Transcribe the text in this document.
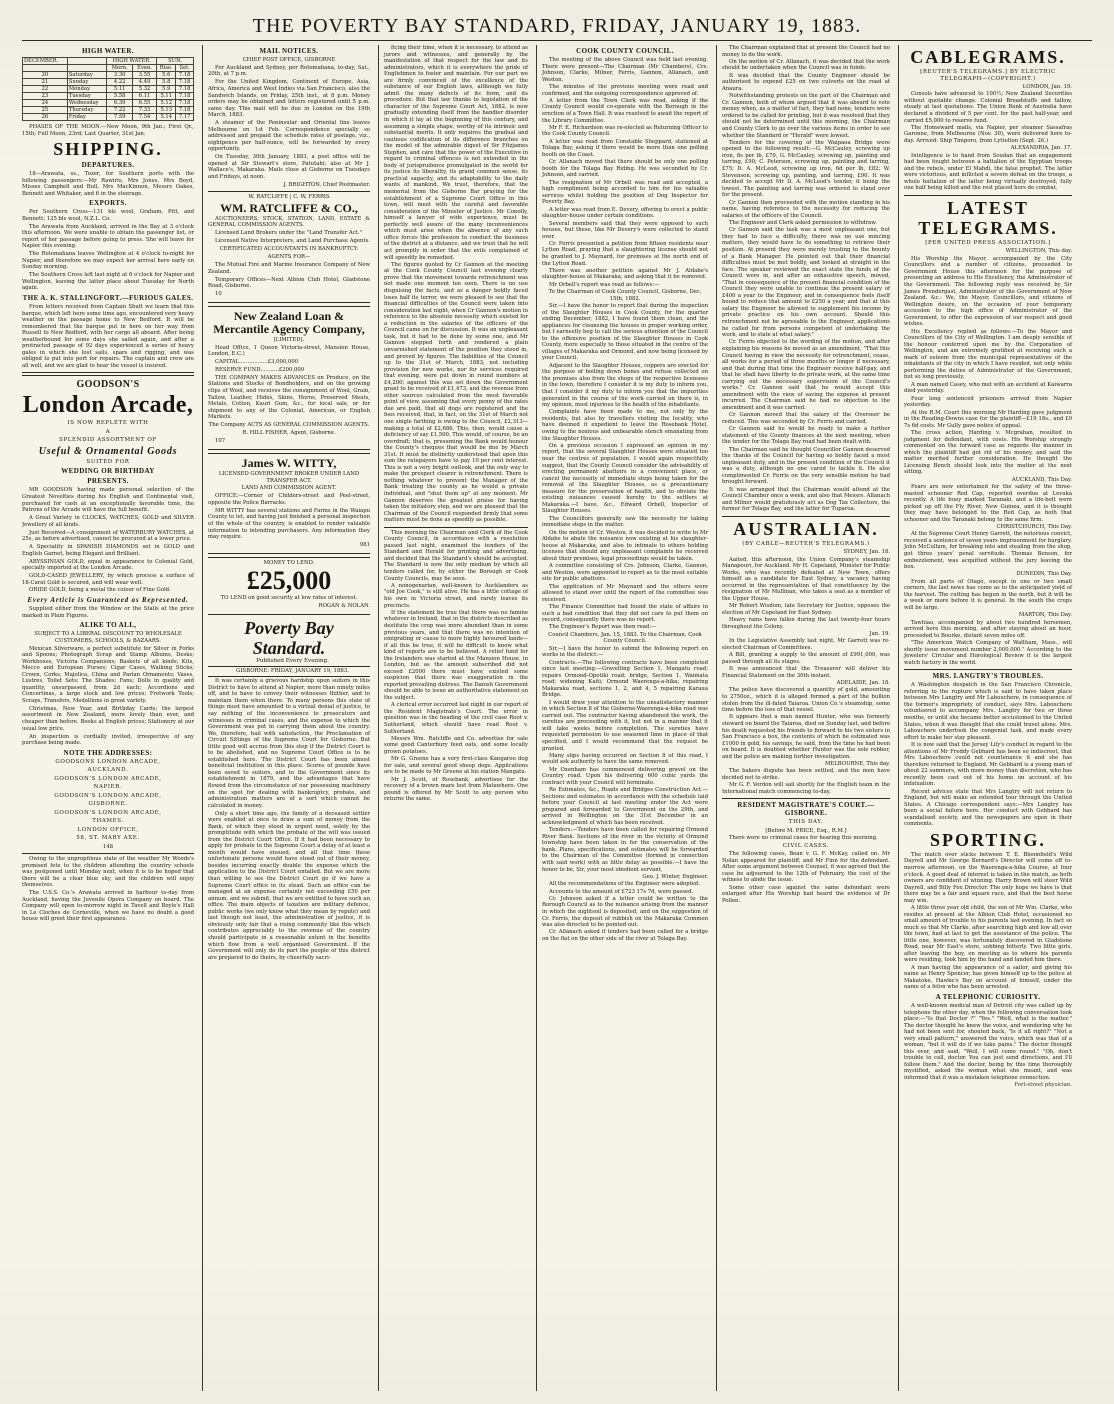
THE POVERTY BAY STANDARD, FRIDAY, JANUARY 19, 1883.
HIGH WATER.
DECEMBER.		HIGH WATER.		SUN.	
		Morn.	Even.	Rise.	Set.
20	Saturday	3.30	3.55	5.6	7.18
21	Sunday	4.22	4.49	5.8	7.18
22	Monday	5.11	5.32	5.9	7.18
23	Tuesday	5.58	6.11	5.11	7.18
24	Wednesday	6.39	6.55	5.12	7.18
25	Thursday	7.22	7.33	5.13	7.18
26	Friday	7.59	7.54	5.14	7.17

PHASES OF THE MOON.—New Moon, 9th Jan.; First Qr., 15th; Full Moon, 23rd; Last Quarter, 31st Jan.

SHIPPING.
DEPARTURES.

18—Arawata, ss., Tozer, for Southern ports with the following passengers:—Mr Rawiris, Mrs Jones, Mrs Boyd, Misses Campbell and Bull, Mrs MacKinnon, Messrs Oakes, Bennett and Whitaker, and 6 in the steerage.

EXPORTS.

Per Southern Cross—131 bls wool, Graham, Pitt, and Bennett; 125 bls wool, N.Z.L. Co.

The Arawata from Auckland, arrived in the Bay at 3 o'clock this afternoon. We were unable to obtain the passenger list, or report of her passage before going to press. She will leave for Napier this evening.

The Rotomahana leaves Wellington at 4 o'clock to-night for Napier, and therefore we may expect her arrival here early on Sunday morning.

The Southern Cross left last night at 6 o'clock for Napier and Wellington, leaving the latter place about Tuesday for North again.

THE A. K. STALLINGFORT.—FURIOUS GALES.

From letters received from Captain Shutt we learn that this barque, which left here some time ago, encountered very heavy weather on the passage home to New Bedford. It will be remembered that the barque put in here on her way from Russell to New Bedford, with her cargo all aboard. After being weatherbound for some days she sailed again, and after a protracted passage of 92 days experienced a series of heavy gales in which she lost sails, spars and rigging, and was obliged to put into port for repairs. The captain and crew are all well, and we are glad to hear the vessel is insured.

GOODSON'S
London Arcade,
IS NOW REPLETE WITH
A
SPLENDID ASSORTMENT OF
Useful & Ornamental Goods
SUITED FOR
WEDDING OR BIRTHDAY
PRESENTS.

MR GOODSON having made personal selection of the Greatest Novelties during his English and Continental visit, purchased for cash at an exceptionally favorable time, the Patrons of the Arcade will have the full benefit.

A Great Variety in CLOCKS, WATCHES, GOLD and SILVER Jewellery of all kinds.

Just Received—A consignment of WATERBURY WATCHES, at 25s, as before advertised, cannot be procured at a lower price.

A Speciality in SPANISH DIAMONDS set in GOLD and English Garnet, being Elegant and Brilliant.

ABYSSINIAN GOLD, equal in appearance to Colonial Gold, specially imported at the London Arcade.

GOLD-CASED JEWELLERY, by which process a surface of 18-Carat Gold is secured, and will wear well.

ORIDE GOLD, being a metal the colour of Fine Gold.

Every Article is Guaranteed as Represented.

Supplied either from the Window or the Stalls at the price marked in Plain Figures.

ALIKE TO ALL,

SUBJECT TO A LIBERAL DISCOUNT TO WHOLESALE CUSTOMERS, SCHOOLS, & BAZAARS.

Mexican Silverware, a perfect substitute for Silver in Forks and Spoons; Photograph Scrap and Stamp Albums, Desks; Workboxes, Victoria Companions; Baskets of all kinds; Kits, Mecco and European Purses; Cigar Cases, Walking Sticks; Crown, Corks, Majolica, China and Parian Ornaments; Vases, Lustres, Toilet Sets; The Shades; Fans; Dolls in quality and quantity, unsurpassed, from 2d each; Accordions and Concertinas, a large stock and low prices; Fretwork Tools; Scraps, Transfers, Medallions in great variety.

Christmas, New Year, and Birthday Cards; the largest assortment in New Zealand, more lovely than ever, and cheaper than before. Books at English prices; Stationery at our usual low price.

An inspection is cordially invited, irrespective of any purchase being made.

NOTE THE ADDRESSES:
GOODSONS LONDON ARCADE,
AUCKLAND.
GOODSON'S LONDON ARCADE,
NAPIER.
GOODSON'S LONDON ARCADE,
GISBORNE.
GOODSON'S LONDON ARCADE,
THAMES.
LONDON OFFICE,
58, ST. MARY AXE.

148

Owing to the unpropitious state of the weather Mr Woods's promised fete to the children attending the country schools was postponed until Monday next, when it is to be hoped that there will be a clear blue sky, and the children will enjoy themselves.

The U.S.S. Co.'s Arawata arrived in harbour to-day from Auckland, having the Juvenile Opera Company on board. The Company will open to-morrow night in Tavell and Boyle's Hall in Le Cloches de Corneville, when we have no doubt a good house will greet their first appearance.

MAIL NOTICES.

CHIEF POST OFFICE, GISBORNE

For Auckland and Sydney, per Rotomahana, to-day, Sat., 20th, at 7 p.m.

For the United Kingdom, Continent of Europe, Asia, Africa, America and West Indies via San Francisco, also the Sandwich Islands, on Friday, 25th inst., at 8 p.m. Money orders may be obtained and letters registered until 5 p.m. same day. This mail will be due in London on the 19th March, 1883.

A steamer of the Peninsular and Oriental line leaves Melbourne on 1st Feb. Correspondence specially so addressed and prepaid the schedule rates of postage, viz., eightpence per half-ounce, will be forwarded by every opportunity.

On Tuesday, 30th January, 1883, a post office will be opened at Sir Stewart's store, Patutahi; also at Mr J. Wallace's, Makaraka. Mails close at Gisborne on Tuesdays and Fridays, at noon.

J. BRIGHTON, Chief Postmaster.

W. RATCLIFFE | C. W. FERRIS

WM. RATCLIFFE & CO.,

AUCTIONEERS, STOCK, STATION, LAND, ESTATE & GENERAL COMMISSION AGENTS.

Licensed Land Brokers under the "Land Transfer Act."

Licensed Native Interpreters, and Land Purchase Agents.

CERTIFICATED ACCOUNTANTS IN BANKRUPTCY.

AGENTS FOR—

The Mutual Fire and Marine Insurance Company of New Zealand.

Temporary Offices—Next Albion Club Hotel, Gladstone Road, Gisborne.

10

New Zealand Loan & Mercantile Agency Company,

[LIMITED].

Head Office, 1 Queen Victoria-street, Mansion House, London, E.C.)

CAPITAL.................£3,000,000

RESERVE FUND...........£200,000

THE COMPANY MAKES ADVANCES on Produce, on the Stations and Stocks of Bondholders, and on the growing clips of Wool, and receives the consignment of Wool, Grain, Tallow, Leather, Hides, Skins, Horns, Preserved Meats, Metals, Cotton, Kauri Gum, &c., for local sale, or for shipment to any of the Colonial, American, or English Markets.

The Company ACTS AS GENERAL COMMISSION AGENTS.

R. HILL FISHER, Agent, Gisborne.

107

James W. WITTY,

LICENSED GOVERNMENT BROKER UNDER LAND TRANSFER ACT.

LAND AND COMMISSION AGENT.

OFFICE:—Corner of Childers-street and Peel-street, opposite the Police Barracks.

MR WITTY has several stations and Farms in the Waiapu County to let, and having just finished a personal inspection of the whole of the country, is enabled to render valuable information to intending purchasers. Any information they may require.

981

MONEY TO LEND.

£25,000

TO LEND on good security at low rates of interest.

ROGAN & NOLAN.

Poverty Bay Standard.

Published Every Evening.

GISBORNE: FRIDAY, JANUARY 19, 1883.

It was certainly a grievous hardship upon suitors in this District to have to attend at Napier, more than ninety miles off, and to have to convey their witnesses thither, and to maintain them when there. To many persons this state of things must have amounted to a virtual denial of justice, to say nothing of the inconvenience to prosecutors and witnesses in criminal cases, and the expense to which the Government was put in carrying them about the country. We, therefore, hail with satisfaction, the Proclamation of Circuit Sittings of the Supreme Court for Gisborne. But little good will accrue from this step if the District Court is to be abolished, and no Supreme Court Office is to be established here. The District Court has been almost beneficial institution in this place. Scores of pounds have been saved to suitors, and to the Government since its establishment in 1879, and the advantages that have flowed from the circumstance of our possessing machinery on the spot for dealing with bankruptcy, probate, and administration matters are of a sort which cannot be calculated in money.

Only a short time ago, the family of a deceased settler were enabled at once to draw a sum of money from the Bank, of which they stood in urgent need, solely by the promptitude with which the probate of the will was issued from the District Court Office. If it had been necessary to apply for probate to the Supreme Court a delay of at least a month would have ensued, and all that time these unfortunate persons would have stood out of their money, besides incurring exactly double the expense which the application to the District Court entailed. But we are more than willing to see the District Court go if we have a Supreme Court office in its stead. Such an office can be managed at an expense certainly not exceeding £50 per annum, and we submit, that we are entitled to have such an office. The main objects of taxation are military defence, public works (we only know what they mean by repute) and last though not least, the administration of justice, it is obviously only fair that a rising community like this which contributes appreciably to the revenue of the country should participate in a reasonable extent in the benefits which flow from a well organised Government. If the Government will only do its part the people of this district are prepared to do theirs, by cheerfully sacri-

ficing their time, when it is necessary, to attend as jurors and witnesses, and generally by the manifestation of that respect for the law and its administrators, which it is everywhere the pride of Englishmen to foster and maintain. For our part we are firmly convinced of the excellence of the substance of our English laws, although we fully admit the many defects of its form, and its procedure. But that law thanks to legislation of the character of the Supreme Court Act, 1882, is now gradually extending itself from the handier disorder in which it lay at the beginning of this century, and assuming a simple shape, worthy of its intrinsic and substantial merits. It only requires the gradual and cautious codification of its difference branches on the model of the admirable digest of Sir Fitzjames Stephen, and care that the power of the Executive in regard to criminal offences is not extended in the body of jurisprudence promulgated in the world for its justice its liberality, its grand common sense, its practical sagacity, and its adaptability to the daily wants of mankind. We trust, therefore, that the memorial from the Gisborne Bar praying for the establishment of a Supreme Court Office in this town, will meet with the careful and favorable consideration of the Minister of Justice. Mr Conolly, himself a lawyer of wide experience, must be perfectly well aware of the many inconveniences which must arise when the absence of any such office forces the profession to conduct the business of the district at a distance, and we trust that he will act promptly in order that the evils complained of will speedily be remedied.

The figures quoted by Cr Gannon at the meeting at the Cook County Council last evening clearly prove that the movement towards retrenchment was not made one moment too soon. There is no use disguising the facts, and as a danger boldly faced loses half its terror, we were pleased to see that the financial difficulties of the Council were taken into consideration last night, when Cr Gannon's motion in reference to the absolute necessity which existed for a reduction in the salaries of the officers of the Council came on for discussion. It was an unpleasant task, but it had to be done by some one, and Mr Gannon stepped forth and rendered a plain unvarnished statement of the position they stood in, and proved by figures. The liabilities of the Council up to the 31st of March, 1883, not including provision for new works, nor for services required that evening, were put down in round numbers at £4,200; against this was set down the Government grant to be received of £1,473, and the revenue from other sources calculated from the most favorable point of view, assuming that every penny of the rates due are paid, that all dogs are registered and the fees received, that, in fact, on the 31st of March not one single farthing is owing to the Council, £2,313—making a total of £2,686. This, then, would cause a deficiency of say £1,500. This would, of course, be an overdraft; that is, presuming the Bank would honour the County's cheques that would be due by March 31st. It must be distinctly understood that upon this sum the ratepayers have to pay 10 per cent interest. This is not a very bright outlook, and the only way to make the prospect clearer is retrenchment. There is nothing whatever to prevent the Manager of the Bank treating the county as he would a private individual, and "shut them up" at any moment. Mr Gannon deserves the greatest praise for having taken the initiatory step, and we are pleased that the Chairman of the Council responded firmly that some matters must be done as speedily as possible.

This morning the Chairman and Clerk of the Cook County Council, in accordance with a resolution passed last night, examined the tenders of the Standard and Herald for printing and advertising, and decided that the Standard's should be accepted. The Standard is now the only medium by which all tenders called for, by either the Borough or Cook County Councils, may be seen.

A nonogenarian, well-known to Aucklanders as "old Joe Cook," is still alive. He has a little cottage of his own in Victoria street, and rarely leaves its precincts.

If the statement be true that there was no famine whatever in Ireland, that in the districts described as destitute the crop was more abundant than in some previous years, and that there was no intention of emigrating or cause to more highly favoured lands—if all this be true, it will be difficult to know what kind of reports are to be believed. A relief fund for the Irelanders was started at the Mansion House, in London, but as the amount subscribed did not exceed £2000 there must have existed some suspicion that there was exaggeration in the reported prevailing distress. The Danish Government should be able to issue an authoritative statement on the subject.

A clerical error occurred last night in our report of the Resident Magistrate's Court. The error in question was in the heading of the civil case Root v. Sutherland, which should have read Root v. Sutherland.

Messrs Wm. Ratcliffe and Co. advertise for sale some good Canterbury feed oats, and some locally grown potatoes.

Mr G. Greene has a very first-class Kangaroo dog for sale, and several good sheep dogs. Applications are to be made to Mr Greene at his station Mangatu.

Mr J. Scott, of Rosebank, advertises for the recovery of a brown mare lost from Matawhero. One pound is offered by Mr Scott to any person who returns the same.

COOK COUNTY COUNCIL.

The meeting of the above Council was held last evening. There were present—The Chairman (Mr Chambers), Crs. Johnson, Clarke, Milner, Ferris, Gannon, Allanach, and Weston.

The minutes of the previous meeting were read and confirmed, and the outgoing correspondence approved of.

A letter from the Town Clerk was read, asking if the County Council would co-operate with the Borough in the erection of a Town Hall. It was resolved to await the report of the Library Committee.

Mr F. E. Richardson was re-elected as Returning Officer to the Cook County Council.

A letter was read from Constable Sheppard, stationed at Tolaga Bay, asking if there would be more than one polling booth on the Coast.

Cr. Allanach moved that there should be only one polling booth for the Tolaga Bay Riding. He was seconded by Cr. Johnson, and carried.

The resignation of Mr Orbell was read and accepted, a high compliment being accorded to him for his valuable services whilst holding the position of Dog Inspector for Poverty Bay.

A letter was read from E. Devery, offering to erect a public slaughter-house under certain conditions.

Several members said that they were opposed to such houses, but these, like Mr Devery's were collected to stand over.

Cr. Ferris presented a petition from fifteen residents near Lytton Road, praying that a slaughtering license should not be granted to J. Maynard, for premises at the north end of the Lytton Road.

There was another petition against Mr J. Aldabe's slaughter-house at Makaraka, and asking that it be removed.

Mr Orbell's report was read as follows:—

To the Chairman of Cook County Council, Gisborne, Dec. 15th, 1882.

Sir,—I have the honor to report that during the inspection of the Slaughter Houses in Cook County, for the quarter ending December, 1882, I have found them clean, and the appliances for cleansing the houses in proper working order, but I earnestly beg to call the serious attention of the Council to the offensive position of the Slaughter Houses in Cook County, more especially to those situated in the centre of the villages of Makaraka and Ormond, and now being licensed by your Council.

Adjacent to the Slaughter Houses, coppers are erected for the purpose of boiling down bones and refuse collected on the premises also from the shops of the respective licensees in the town, therefore I consider it is my duty to inform you, that I consider it my duty to inform you that the impurities generated in the course of the work carried on there is, in my opinion, most injurious to the health of the inhabitants.

Complaints have been made to me, not only by the residents, but also by travellers visiting the locality, who have deemed it expedient to leave the Rosebank Hotel, owing to the noxious and unbearable stench emanating from the Slaughter Houses.

On a previous occasion I expressed an opinion in my report, that the several Slaughter Houses were situated too near the centres of population. I would again respectfully suggest, that the County Council consider the advisability of erecting permanent abattoirs in a convenient place, or cancel the necessity of immediate steps being taken for the removal of the Slaughter Houses, as a precautionary measure for the preservation of health, and to obviate the existing nuisances caused hereby to the settlers at Makaraka.—I have, &c., Edward Orbell, Inspector of Slaughter Houses.

The Councillors generally saw the necessity for taking immediate steps in the matter.

On the motion of Cr. Weston, it was decided to write to Mr Aldabe to abate the nuisance now existing at his slaughter-house at Makaraka, and also to intimate to others holding licenses that should any unpleasant complaints be received about their premises, legal proceedings would be taken.

A committee consisting of Crs. Johnson, Clarke, Gannon, and Weston, were appointed to report as to the most suitable site for public abattoirs.

The application of Mr Maynard and the others were allowed to stand over until the report of the committee was received.

The Finance Committee had found the state of affairs in such a bad condition that they did not care to put them on record, consequently there was no report.

The Engineer's Report was then read:—

Council Chambers, Jan. 15, 1883. To the Chairman, Cook County Council.

Sir,—I have the honor to submit the following report on works in the district:—

Contracts.—The following contracts have been completed since last meeting:—Gravelling Section 1, Mangatu road; repairs Ormond-Opotiki road; bridge, Section 1, Waimata road; widening Kaiti; Ormond Waerenga-a-hika; repairing Makaraka road, sections 1, 2, and 4, 5 repairing Karaua Bridge.

I would draw your attention to the unsatisfactory manner in which Section 8 of the Gisborne-Waerenga-a-hika road was carried out. The contractor having abandoned the work, the sureties are proceeding with it, but not in a manner that it will take weeks before completion. The sureties have requested permission to use seasoned lime in place of that specified, and I would recommend that the request be granted.

Many slips having occurred on Section 8 of this road, I would ask authority to have the same removed.

Mr Oxenham has commenced delivering gravel on the Country road. Upon his delivering 600 cubic yards the contract with your Council will terminate.

Re Estimates, &c., Roads and Bridges Construction Act.—Sections and estimates in accordance with the schedule laid before your Council at last meeting under the Act were prepared and forwarded to Government on the 29th, and arrived in Wellington on the 31st December in an acknowledgment of which has been received.

Tenders.—Tenders have been called for repairing Ormond River Bank. Sections of the river in the vicinity of Ormond township have been taken in for the conservation of the bank. Plans, specifications, and estimates will be forwarded to the Chairman of the Committee (formed in connection with said work) with as little delay as possible.—I have the honor to be, Sir, your most obedient servant,

Geo. J. Winter, Engineer.

All the recommendations of the Engineer were adopted.

Accounts to the amount of £723 17s 7d, were passed.

Cr. Johnson asked if a letter could be written to the Borough Council as to the nuisance arising from the manner in which the nightsoil is deposited, and on the suggestion of Cr. Ferris, the deposit of rubbish on the Makaraka Common was also directed to be pointed out.

Cr. Allanach asked if tenders had been called for a bridge on the flat on the other side of the river at Tolaga Bay.

The Chairman explained that at present the Council had no money to do the work.

On the motion of Cr. Allanach, it was decided that the work should be undertaken when the Council was in funds.

It was decided that the County Engineer should be authorised to expend £25 on two culverts on the road at Anaura.

Notwithstanding protests on the part of the Chairman and Cr. Gannon, both of whom argued that it was absurd to vote money when, as a matter of fact, they had none, tenders were ordered to be called for printing, but it was resolved that they should not be determined until this morning, the Chairman and County Clerk to go over the various items in order to see whether the Standard or "Herald" were lowest.

Tenders for the covering of the Waipaoa Bridge were opened to the following result:—G. McCauley, screwing up iron, 8s per lb, £70, G. McCauley, screwing up, painting and tarring, £90; C. Peterson, screwing up, painting and tarring, £75; D. A. McLeod, screwing up iron, 6d per lb, £82; W. Stevenson, screwing up, painting, and tarring, £90. It was decided to accept Mr D. A. McLeod's tender, it being the lowest. The painting and tarring was ordered to stand over for the present.

Cr Gannon then proceeded with the motion standing in his name, having reference to the necessity for reducing the salaries of the officers of the Council.

The Engineer and Clerk asked permission to withdraw.

Cr Gannon said the task was a most unpleasant one, but they had to face a difficulty, there was no use mincing matters, they would have to do something to retrieve their position. At present they were merely trusting to the bounty of a Bank Manager. He pointed out that their financial difficulties must be met boldly, and looked at straight in the face. The speaker reviewed the exact state the funds of the Council were in, and after an exhaustive speech, moved, "That in consequence of the present financial condition of the Council they were unable to continue the present salary of £400 a year to the Engineer, and in consequence feels itself bound to reduce that amount to £250 a year, and that at this salary the Engineer be allowed to supplement his income by private practice on his own account. Should this retrenchment not be agreeable to the Engineer, applications be called for from persons competent of undertaking the work, and to state at what salary."

Cr. Ferris objected to the wording of the motion, and after explaining his reasons he moved as an amendment, "That this Council having in view the necessity for retrenchment, cease, all works for a period of three months or longer if necessary, and that during that time the Engineer receive half-pay, and that he shall have liberty to do private work, at the same time carrying out the necessary supervision of the Council's works." Cr. Gannon said that he would accept this amendment with the view of saving the expense at present incurred. The Chairman said he had no objection to the amendment and it was carried.

Cr Gannon moved that the salary of the Overseer be reduced. This was seconded by Cr. Ferris and carried.

Cr Gannon said he would be ready to make a further statement of the County finances at the next meeting, when the tender for the Tolaga Bay road had been dealt with.

The Chairman said he thought Councillor Gannon deserved the thanks of the Council for having so boldly faced a most unpleasant duty, and in the present condition of the Council it was a duty, although no one cared to tackle it. He also complimented Cr. Ferris on the very sensible motion he had brought forward.

It was arranged that the Chairman would attend at the Council Chamber once a week, and also that Messrs. Allanach and Milner would gratuitously act as Dog Tax Collectors, the former for Tolaga Bay, and the latter for Tuparoa.

AUSTRALIAN.
(BY CABLE—REUTER'S TELEGRAMS.)

SYDNEY, Jan. 18.

Aaited, this afternoon, the Union Company's steamship Manapouri, for Auckland. Mr H. Copeland, Minister for Public Works, who was recently defeated at New Town, offers himself as a candidate for East Sydney, a vacancy having occurred in the representation of that constituency by the resignation of Mr Mullinan, who takes a seat as a member of the Upper House.

Mr Robert Wisdom, late Secretary for Justice, opposes the election of Mr Copeland for East Sydney.

Heavy rains have fallen during the last twenty-four hours throughout the Colony.

Jan. 19.

In the Legislative Assembly last night, Mr Garrett was re-elected Chairman of Committees.

A Bill, granting a supply to the amount of £991,000, was passed through all its stages.

It was announced that the Treasurer will deliver his Financial Statement on the 30th instant.

ADELAIDE, Jan. 18.

The police have discovered a quantity of gold, amounting to 2750oz., which it is alleged formed a part of the bullion stolen from the ill-fated Taiaroa. Union Co.'s steamship, some time before the loss of that vessel.

It appears that a man named Hunter, who was formerly steward on board the Taiaroa, died on Sunday last, and before his death requested his friends to forward to his two sisters in San Francisco a box, the contents of which he estimated was £1000 in gold, his savings, he said, from the time he had been on board. It is doubted whether Hunter was the sole robber, and the police are making further investigation.

MELBOURNE, This day.

The bakers dispute has been settled, and the men have decided not to strike.

Mr G. F. Verdon will sail shortly for the English team in the International match commencing to-day.

RESIDENT MAGISTRATE'S COURT.—GISBORNE.
THIS DAY.

[Before M. PRICE, Esq., R.M.]

There were no criminal cases for hearing this morning.

CIVIL CASES.

The following cases, Bean v. G. F. McKay, called on. Mr Nolan appeared for plaintiff, and Mr Finn for the defendant. After some argument between Counsel, it was agreed that the case be adjourned to the 12th of February, the cost of the witness to abide the issue.

Some other case against the same defendant were enlarged after His Worship had heard the evidence of Dr Pollen.

CABLEGRAMS.
[REUTER'S TELEGRAMS.] BY ELECTRIC TELEGRAPH—(COPYRIGHT.)

LONDON, Jan. 19.

Consols have advanced to 100½; New Zealand Securities without quotable change. Colonial Breadstuffs and tallow, steady at last quotations. The Union Bank of Australia have declared a dividend of 5 per cent. for the past half-year, and carried £5,000 to reserve fund.

The Homeward mails, via Napier, per steamer Sassafras Garonne, from Melbourne (Nov. 30), were delivered here to-day. Arrived: Ship Timporo, from Lyttelton (Sept. 26.)

ALEXANDRIA, Jan. 17.

Intelligence is to hand from Soudan that an engagement had been fought between a battalion of the Egyptian troops and the rebels, under El Mahdi, the false prophet. The latter were victorious, and inflicted a severe defeat on the troops, a whole battalion of the latter being virtually destroyed, fully one half being killed and the rest placed hors de combat.

LATEST TELEGRAMS.
[PER UNITED PRESS ASSOCIATION.]

WELLINGTON, This day.

His Worship the Mayor, accompanied by the City Councillors and a number of citizens, proceeded to Government House this afternoon for the purpose of presenting an address to His Excellency, the Administrator of the Government. The following reply was received by Sir James Prendergast, Administrator of the Government of New Zealand. &c.: We, the Mayor, Councillors, and citizens of Wellington desire, on the occasion of your temporary accession to the high office of Administrator of the Government, to offer the expression of our respect and good wishes.

His Excellency replied as follows:—To the Mayor and Councillors of the City of Wellington. I am deeply sensible of the honour conferred upon me by the Corporation of Wellington, and am extremely gratified at receiving such a mark of esteem from the municipal representatives of the inhabitants of the city in which I have resided, not only while performing the duties of Administrator of the Government, but so long previously.

A man named Casey, who met with an accident at Kaiwarra died yesterday.

Four long sentenced prisoners arrived from Napier yesterday.

At the R.M. Court this morning Mr Harding gave judgment in the Reading-Downs case for the plaintiff—£19 18s., and £9 7s 6d costs. Mr Gully gave notice of appeal.

The cross action, Harding v. Mcgrahan, resulted in judgment for defendant, with costs. His Worship strongly commented on the forward case as regards the manner in which the plaintiff had got rid of his money, and said the matter merited further consideration. He thought the Licensing Bench should look into the matter at the next sitting.

AUCKLAND, This Day.

Fears are now entertained for the safety of the three-masted schooner Red Cap, reported overdue at Levuka recently. A life buoy marked Taranaki, and a life-belt were picked up off the Fly River, New Guinea, and it is thought they may have belonged to the Red Cap, as both that schooner and the Taranaki belong to the same firm.

CHRISTCHURCH, This Day.

At the Supreme Court Henry Garrett, the notorious convict, received a sentence of seven years imprisonment for burglary. John McCullum, for breaking into and stealing from the shop, got three years' penal servitude. Thomas Benson, for embezzlement, was acquitted without the jury leaving the box.

DUNEDIN, This Day.

From all parts of Otago, except in one or two small corners, the last news has come as to the anticipated yield of the harvest. The cutting has begun in the north, but it will be a week or more before it is general. In the south the crops will be large.

MARTON, This Day.

Tawhiao, accompanied by about two hundred horsemen, arrived here this morning, and after staying about an hour, proceeded to Bourke, distant seven miles off.

"The American Watch Company of Waltham, Mass., will shortly issue movement number 2,000,000." According to the Jewelers' Circular and Horological Review it is the largest watch factory in the world.

MRS. LANGTRY'S TROUBLES.

A Washington despatch in the San Francisco Chronicle, referring to the rupture which is said to have taken place between Mrs Langtry and Mr Labouchere, in consequence of the former's impropriety of conduct, says Mrs. Labouchere volunteered to accompany Mrs. Langtry for two or three months, or until she became better accustomed to the United States, when it was thought that she could travel alone. Mrs. Labouchere undertook the congenial task, and made every effort to make her stay pleasant.

It is now said that the Jersey Lily's conduct in regard to the attentions of Mr Freddy Gebhard has been so indiscreet, that Mrs Labouchere could not countenance it and she has therefore returned to England. Mr Gebhard is a young man of about 22 summers, with more money than discretion, who has recently been cast out of his home on account of his infatuation.

Recent advices state that Mrs Langtry will not return to England, but will make an extended tour through the United States. A Chicago correspondent says:—Mrs Langtry has been a social failure here. Her conduct with Gebhard has scandalised society, and the newspapers are open in their comments.

SPORTING.

The match over sticks between T. E. Bloomfield's Wild Dayrell and Mr George Bernard's Director will come off to-morrow afternoon, on the Waerenga-a-hika Course, at four o'clock. A good deal of interest is taken in the match, as both owners are confident of winning. Harry Brown will steer Wild Dayrell, and Billy Fox Director. The only hope we have is that there may be a fair and square race, and that the best horse may win.

A little three year old child, the son of Mr Wm. Clarke, who resides at present at the Albion Club Hotel, occasioned no small amount of trouble to his parents last evening. In fact so much so that Mr Clarke, after searching high and low all over the town, had at last to get the assistance of the police. The little one, however, was fortunately discovered in Gladstone Road, near Mr East's store, sobbing bitterly. Two little girls, after leaving the boy, on meeting as to where his parents were residing, took him by the hand and landed him there.

A man having the appearance of a sailor, and giving his name as Henry Spencer, has given himself up to the police at Makatoke, Hawke's Bay on account of himself, under the name of a felon who has been arrested.

A TELEPHONIC CURIOSITY.

A well-known medical man of Detroit city was called up by telephone the other day, when the following conversation took place:—"Is that Doctor ?" "Yes." "Well, what is the matter." The doctor thought he knew the voice, and wondering why he had not been sent for, shouted back, "Is it all right?" "Not a very small pattern," answered the voice, which was that of a woman, "but it will do if we take pains." The doctor thought this over, and said, "Well, I will come round." "Oh, don't trouble to call, doctor. You can just send directions, and I'll follow them." And the doctor, being by this time thoroughly mystified, asked the woman what she meant, and was informed that it was a mistaken telephone connection.

Fort-street physician.
